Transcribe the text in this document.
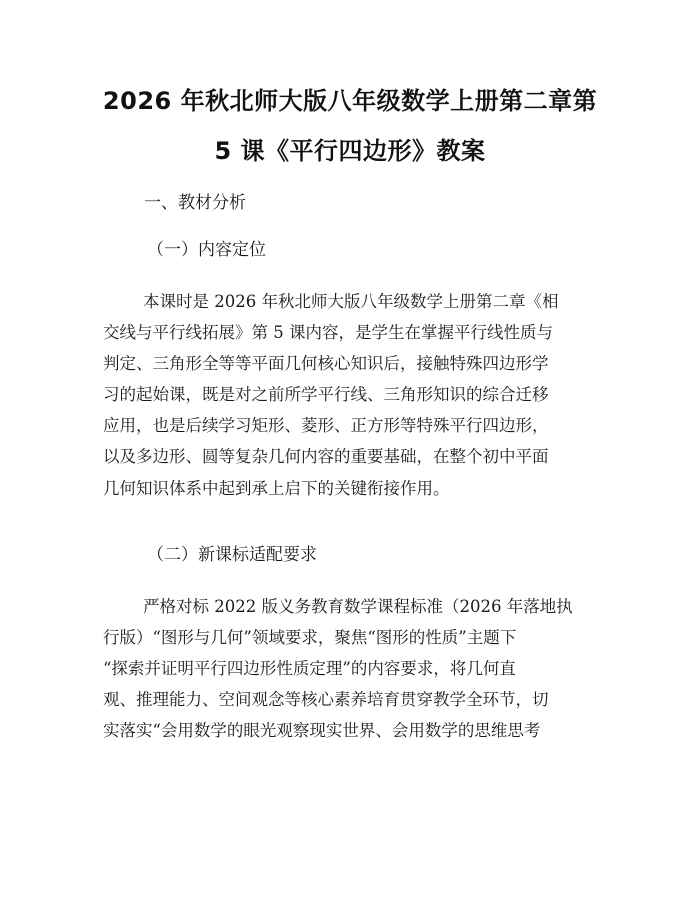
2026 年秋北师大版八年级数学上册第二章第
5 课《平行四边形》教案
一、教材分析
（一）内容定位
本课时是 2026 年秋北师大版八年级数学上册第二章《相
交线与平行线拓展》第 5 课内容，是学生在掌握平行线性质与
判定、三角形全等等平面几何核心知识后，接触特殊四边形学
习的起始课，既是对之前所学平行线、三角形知识的综合迁移
应用，也是后续学习矩形、菱形、正方形等特殊平行四边形，
以及多边形、圆等复杂几何内容的重要基础，在整个初中平面
几何知识体系中起到承上启下的关键衔接作用。
（二）新课标适配要求
严格对标 2022 版义务教育数学课程标准（2026 年落地执
行版）“图形与几何”领域要求，聚焦“图形的性质”主题下
“探索并证明平行四边形性质定理”的内容要求，将几何直
观、推理能力、空间观念等核心素养培育贯穿教学全环节，切
实落实“会用数学的眼光观察现实世界、会用数学的思维思考
